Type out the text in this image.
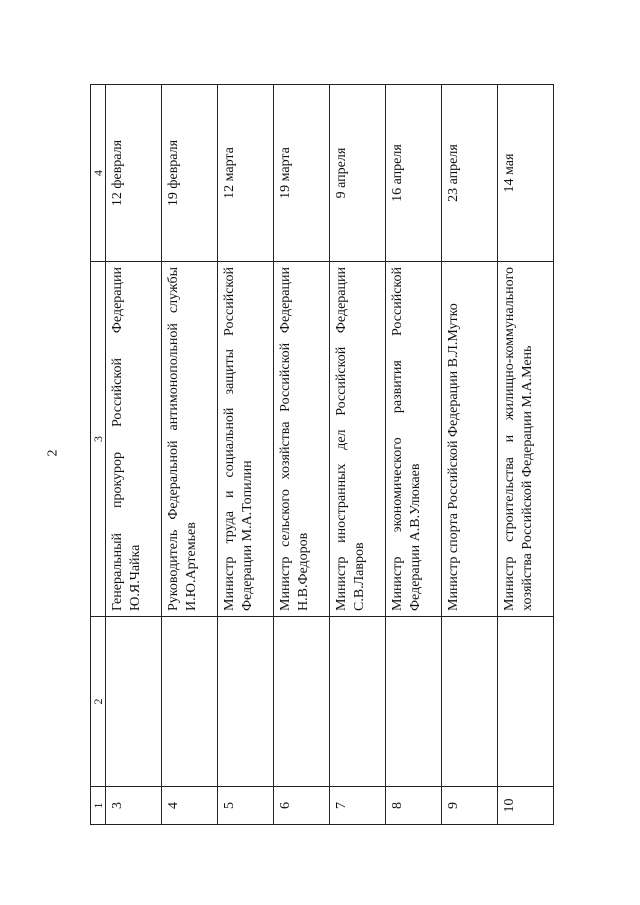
2
1	2	3	4
3		Генеральный прокурор Российской Федерации Ю.Я.Чайка	12 февраля
4		Руководитель Федеральной антимонопольной службы И.Ю.Артемьев	19 февраля
5		Министр труда и социальной защиты Российской Федерации М.А.Топилин	12 марта
6		Министр сельского хозяйства Российской Федерации Н.В.Федоров	19 марта
7		Министр иностранных дел Российской Федерации С.В.Лавров	9 апреля
8		Министр экономического развития Российской Федерации А.В.Улюкаев	16 апреля
9		Министр спорта Российской Федерации В.Л.Мутко	23 апреля
10		Министр строительства и жилищно-коммунального хозяйства Российской Федерации М.А.Мень	14 мая
